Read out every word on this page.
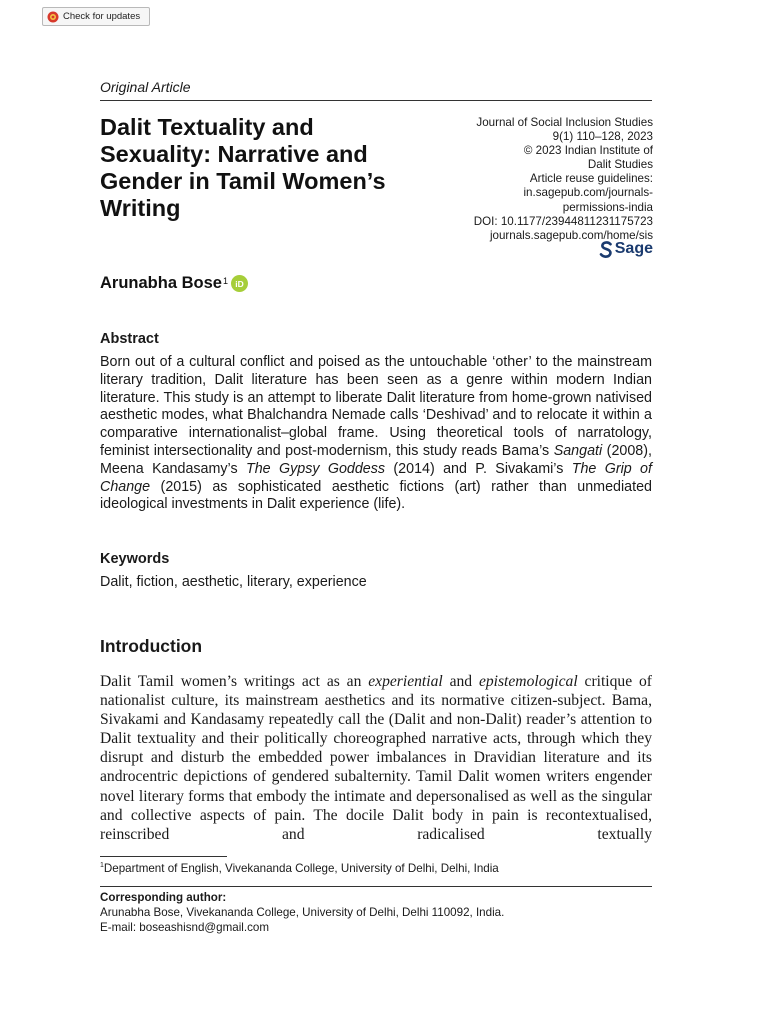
Check for updates
Original Article
Dalit Textuality and Sexuality: Narrative and Gender in Tamil Women’s Writing
Journal of Social Inclusion Studies
9(1) 110–128, 2023
© 2023 Indian Institute of
Dalit Studies
Article reuse guidelines:
in.sagepub.com/journals-
permissions-india
DOI: 10.1177/23944811231175723
journals.sagepub.com/home/sis
Sage
Arunabha Bose 1 iD
Abstract

Born out of a cultural conflict and poised as the untouchable ‘other’ to the mainstream literary tradition, Dalit literature has been seen as a genre within modern Indian literature. This study is an attempt to liberate Dalit literature from home-grown nativised aesthetic modes, what Bhalchandra Nemade calls ‘Deshivad’ and to relocate it within a comparative internationalist–global frame. Using theoretical tools of narratology, feminist intersectionality and post-modernism, this study reads Bama’s Sangati (2008), Meena Kandasamy’s The Gypsy Goddess (2014) and P. Sivakami’s The Grip of Change (2015) as sophisticated aesthetic fictions (art) rather than unmediated ideological investments in Dalit experience (life).

Keywords
Dalit, fiction, aesthetic, literary, experience
Introduction

Dalit Tamil women’s writings act as an experiential and epistemological critique of nationalist culture, its mainstream aesthetics and its normative citizen-subject. Bama, Sivakami and Kandasamy repeatedly call the (Dalit and non-Dalit) reader’s attention to Dalit textuality and their politically choreographed narrative acts, through which they disrupt and disturb the embedded power imbalances in Dravidian literature and its androcentric depictions of gendered subalternity. Tamil Dalit women writers engender novel literary forms that embody the intimate and depersonalised as well as the singular and collective aspects of pain. The docile Dalit body in pain is recontextualised, reinscribed and radicalised textually

$^1$Department of English, Vivekananda College, University of Delhi, Delhi, India
Corresponding author:
Arunabha Bose, Vivekananda College, University of Delhi, Delhi 110092, India.
E-mail: boseashisnd@gmail.com
